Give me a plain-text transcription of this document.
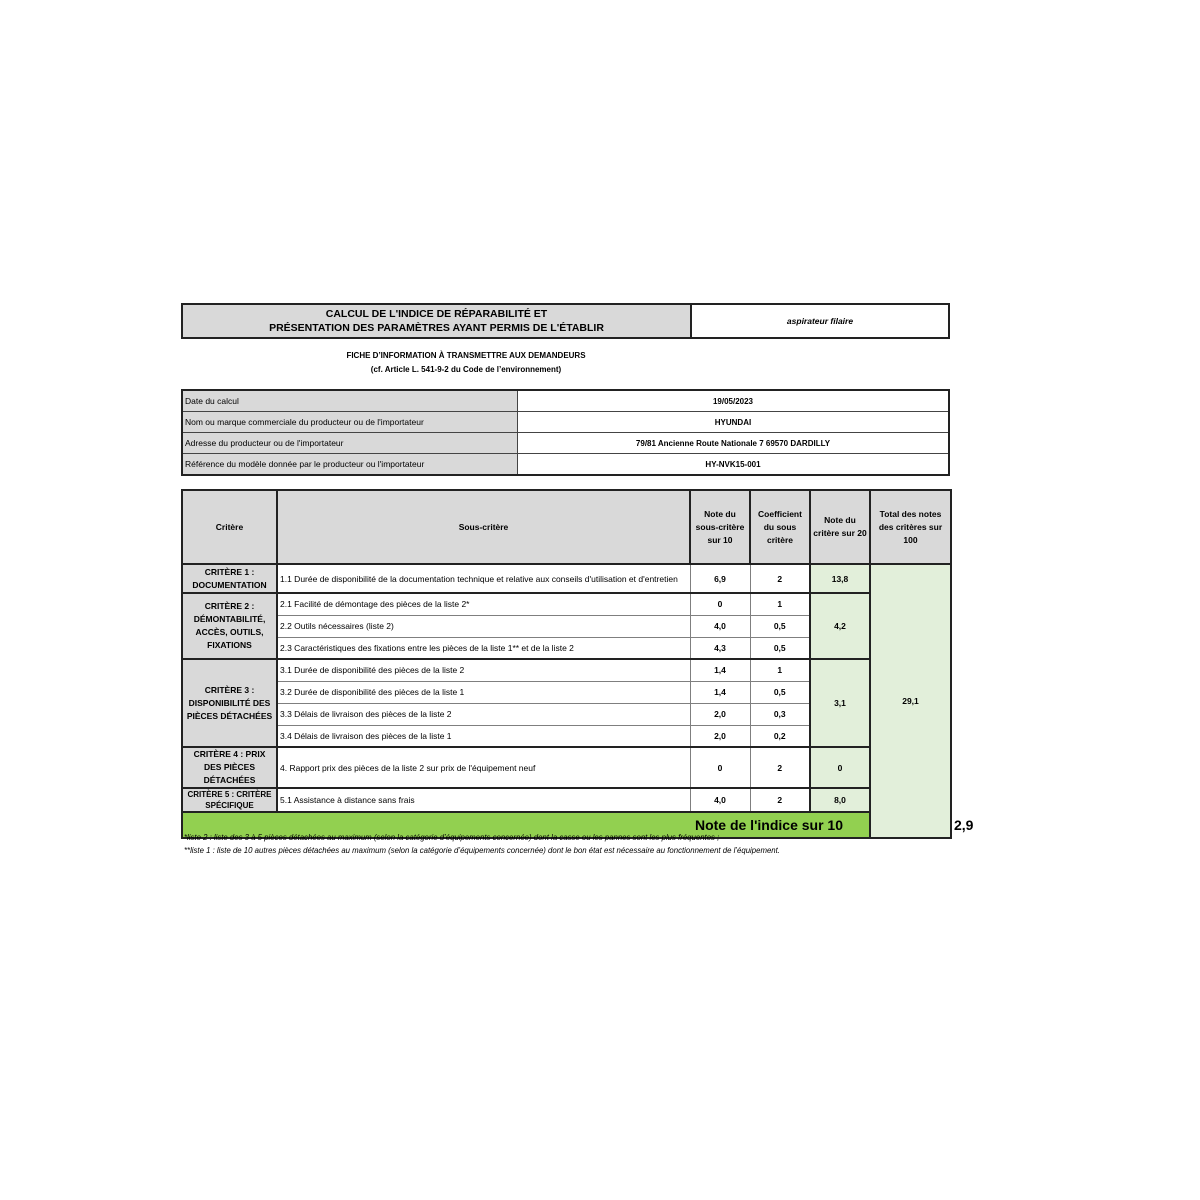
CALCUL DE L'INDICE DE RÉPARABILITÉ ET
PRÉSENTATION DES PARAMÈTRES AYANT PERMIS DE L'ÉTABLIR
aspirateur filaire
FICHE D’INFORMATION À TRANSMETTRE AUX DEMANDEURS
(cf. Article L. 541-9-2 du Code de l’environnement)
Date du calcul	19/05/2023
Nom ou marque commerciale du producteur ou de l'importateur	HYUNDAI
Adresse du producteur ou de l'importateur	79/81 Ancienne Route Nationale 7 69570 DARDILLY
Référence du modèle donnée par le producteur ou l'importateur	HY-NVK15-001
Critère	Sous-critère	Note du sous-critère sur 10	Coefficient du sous critère	Note du critère sur 20	Total des notes des critères sur 100	
CRITÈRE 1 : DOCUMENTATION	1.1 Durée de disponibilité de la documentation technique et relative aux conseils d'utilisation et d'entretien	6,9	2	13,8	29,1	
CRITÈRE 2 : DÉMONTABILITÉ, ACCÈS, OUTILS, FIXATIONS	2.1 Facilité de démontage des pièces de la liste 2*	0	1	4,2		
	2.2 Outils nécessaires (liste 2)	4,0	0,5			
	2.3 Caractéristiques des fixations entre les pièces de la liste 1** et de la liste 2	4,3	0,5			
CRITÈRE 3 : DISPONIBILITÉ DES PIÈCES DÉTACHÉES	3.1 Durée de disponibilité des pièces de la liste 2	1,4	1	3,1		
	3.2 Durée de disponibilité des pièces de la liste 1	1,4	0,5			
	3.3 Délais de livraison des pièces de la liste 2	2,0	0,3			
	3.4 Délais de livraison des pièces de la liste 1	2,0	0,2			
CRITÈRE 4 : PRIX DES PIÈCES DÉTACHÉES	4. Rapport prix des pièces de la liste 2 sur prix de l'équipement neuf	0	2	0		
CRITÈRE 5 : CRITÈRE SPÉCIFIQUE	5.1 Assistance à distance sans frais	4,0	2	8,0		
Note de l'indice sur 10						2,9
*liste 2 : liste des 3 à 5 pièces détachées au maximum (selon la catégorie d’équipements concernée) dont la casse ou les pannes sont les plus fréquentes ;
**liste 1 : liste de 10 autres pièces détachées au maximum (selon la catégorie d’équipements concernée) dont le bon état est nécessaire au fonctionnement de l’équipement.
